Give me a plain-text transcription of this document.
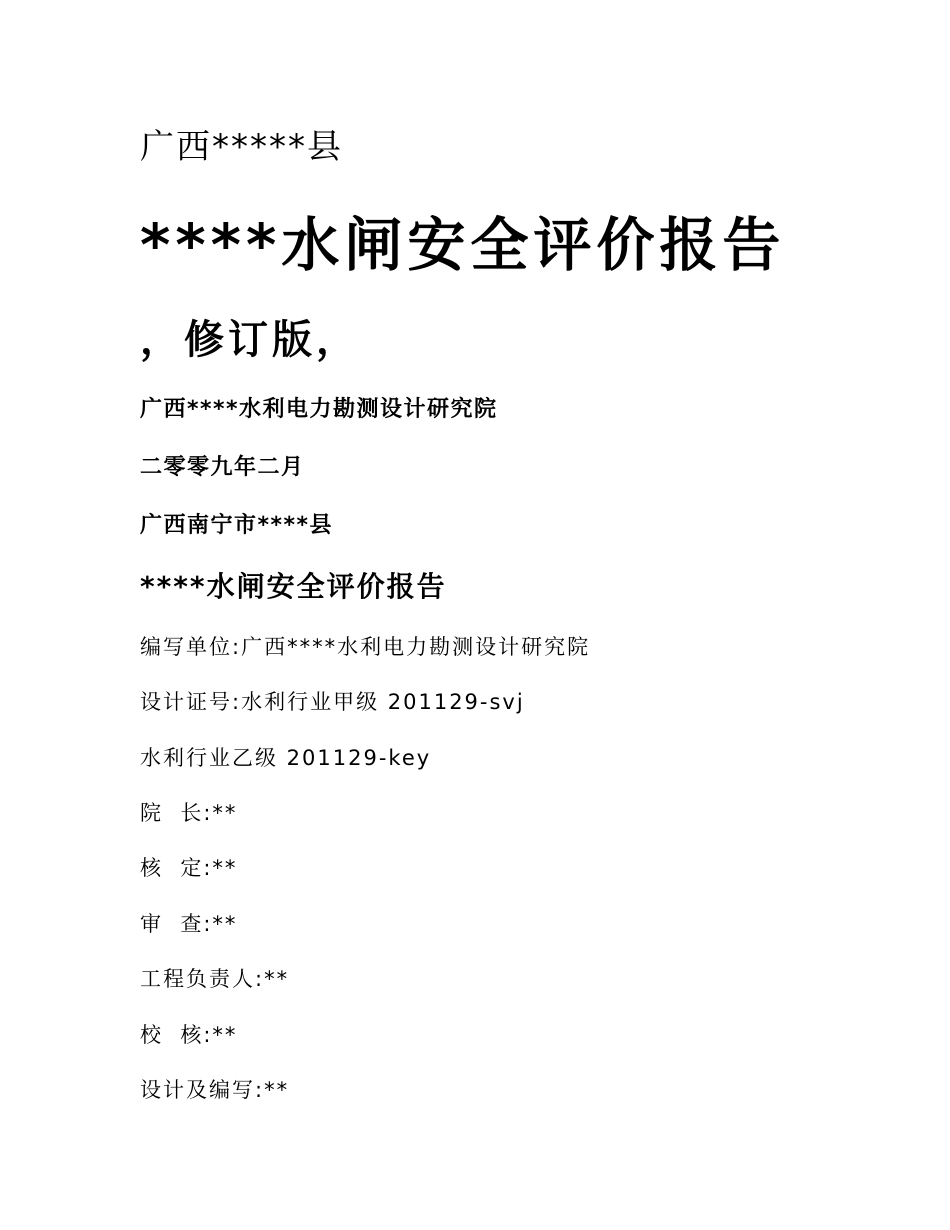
广西*****县
****水闸安全评价报告
，修订版，
广西****水利电力勘测设计研究院
二零零九年二月
广西南宁市****县
****水闸安全评价报告
编写单位:广西****水利电力勘测设计研究院
设计证号:水利行业甲级 201129-svj
水利行业乙级 201129-key
院  长:**
核  定:**
审  查:**
工程负责人:**
校  核:**
设计及编写:**
